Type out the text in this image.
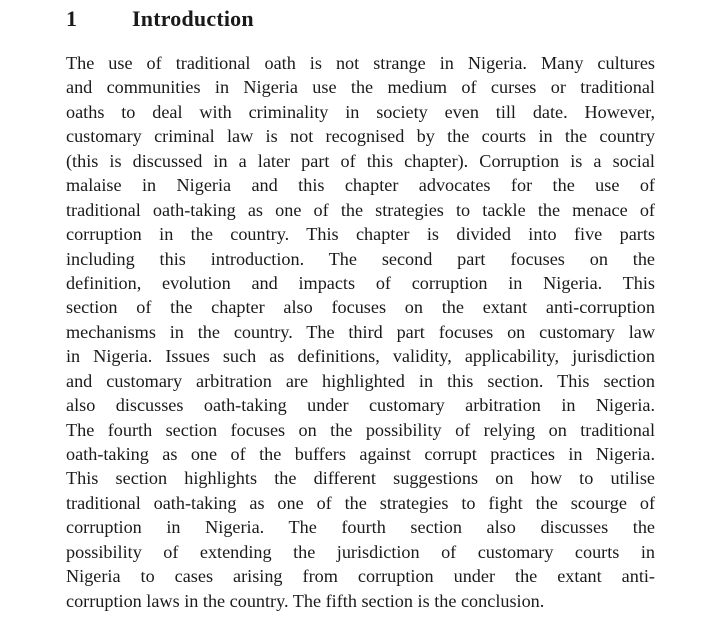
1	Introduction
The use of traditional oath is not strange in Nigeria. Many cultures
and communities in Nigeria use the medium of curses or traditional
oaths to deal with criminality in society even till date. However,
customary criminal law is not recognised by the courts in the country
(this is discussed in a later part of this chapter). Corruption is a social
malaise in Nigeria and this chapter advocates for the use of
traditional oath-taking as one of the strategies to tackle the menace of
corruption in the country. This chapter is divided into five parts
including this introduction. The second part focuses on the
definition, evolution and impacts of corruption in Nigeria. This
section of the chapter also focuses on the extant anti-corruption
mechanisms in the country. The third part focuses on customary law
in Nigeria. Issues such as definitions, validity, applicability, jurisdiction
and customary arbitration are highlighted in this section. This section
also discusses oath-taking under customary arbitration in Nigeria.
The fourth section focuses on the possibility of relying on traditional
oath-taking as one of the buffers against corrupt practices in Nigeria.
This section highlights the different suggestions on how to utilise
traditional oath-taking as one of the strategies to fight the scourge of
corruption in Nigeria. The fourth section also discusses the
possibility of extending the jurisdiction of customary courts in
Nigeria to cases arising from corruption under the extant anti-
corruption laws in the country. The fifth section is the conclusion.
